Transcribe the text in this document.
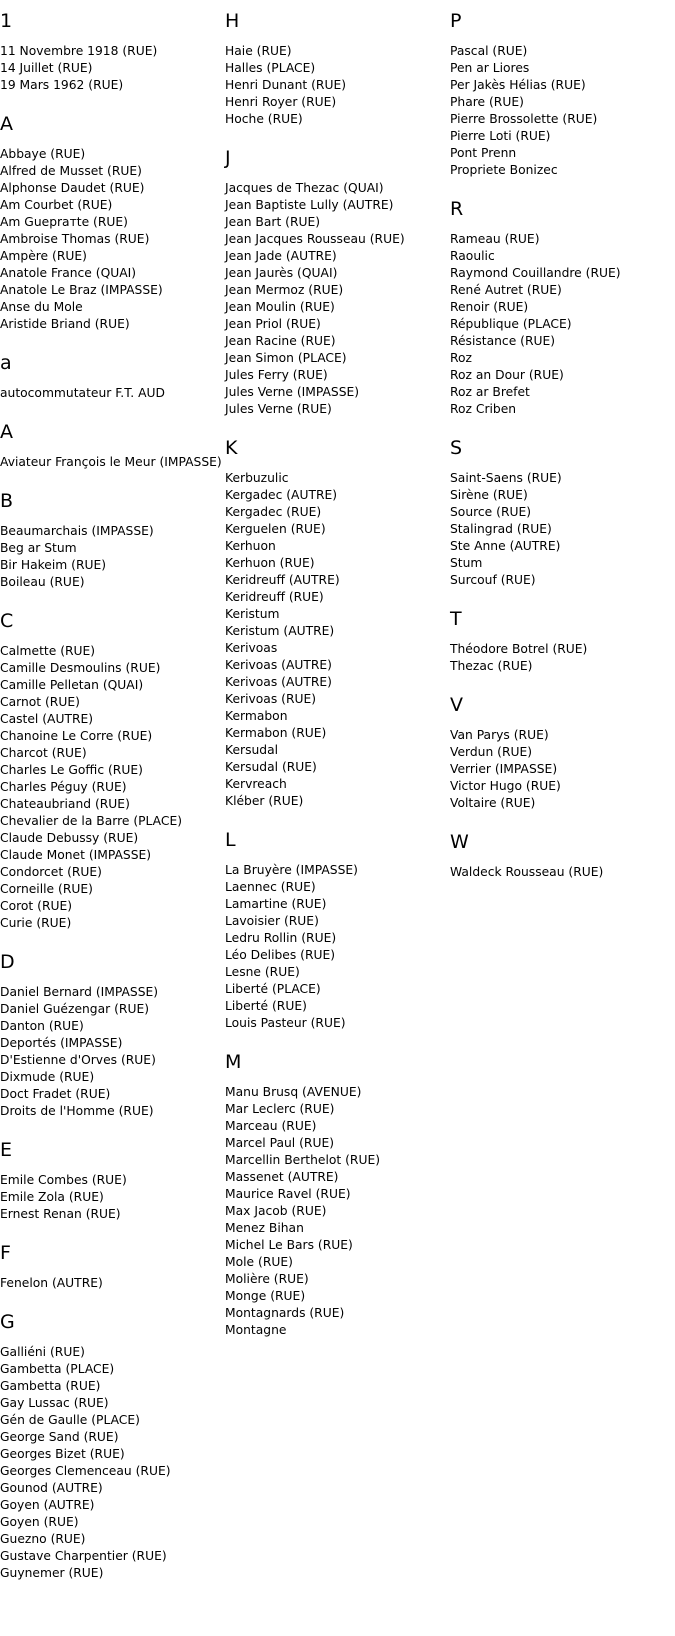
1
11 Novembre 1918 (RUE)
14 Juillet (RUE)
19 Mars 1962 (RUE)
A
Abbaye (RUE)
Alfred de Musset (RUE)
Alphonse Daudet (RUE)
Am Courbet (RUE)
Am Gueprатte (RUE)
Ambroise Thomas (RUE)
Ampère (RUE)
Anatole France (QUAI)
Anatole Le Braz (IMPASSE)
Anse du Mole
Aristide Briand (RUE)
a
autocommutateur F.T. AUD
A
Aviateur François le Meur (IMPASSE)
B
Beaumarchais (IMPASSE)
Beg ar Stum
Bir Hakeim (RUE)
Boileau (RUE)
C
Calmette (RUE)
Camille Desmoulins (RUE)
Camille Pelletan (QUAI)
Carnot (RUE)
Castel (AUTRE)
Chanoine Le Corre (RUE)
Charcot (RUE)
Charles Le Goffic (RUE)
Charles Péguy (RUE)
Chateaubriand (RUE)
Chevalier de la Barre (PLACE)
Claude Debussy (RUE)
Claude Monet (IMPASSE)
Condorcet (RUE)
Corneille (RUE)
Corot (RUE)
Curie (RUE)
D
Daniel Bernard (IMPASSE)
Daniel Guézengar (RUE)
Danton (RUE)
Deportés (IMPASSE)
D'Estienne d'Orves (RUE)
Dixmude (RUE)
Doct Fradet (RUE)
Droits de l'Homme (RUE)
E
Emile Combes (RUE)
Emile Zola (RUE)
Ernest Renan (RUE)
F
Fenelon (AUTRE)
G
Galliéni (RUE)
Gambetta (PLACE)
Gambetta (RUE)
Gay Lussac (RUE)
Gén de Gaulle (PLACE)
George Sand (RUE)
Georges Bizet (RUE)
Georges Clemenceau (RUE)
Gounod (AUTRE)
Goyen (AUTRE)
Goyen (RUE)
Guezno (RUE)
Gustave Charpentier (RUE)
Guynemer (RUE)
H
Haie (RUE)
Halles (PLACE)
Henri Dunant (RUE)
Henri Royer (RUE)
Hoche (RUE)
J
Jacques de Thezac (QUAI)
Jean Baptiste Lully (AUTRE)
Jean Bart (RUE)
Jean Jacques Rousseau (RUE)
Jean Jade (AUTRE)
Jean Jaurès (QUAI)
Jean Mermoz (RUE)
Jean Moulin (RUE)
Jean Priol (RUE)
Jean Racine (RUE)
Jean Simon (PLACE)
Jules Ferry (RUE)
Jules Verne (IMPASSE)
Jules Verne (RUE)
K
Kerbuzulic
Kergadec (AUTRE)
Kergadec (RUE)
Kerguelen (RUE)
Kerhuon
Kerhuon (RUE)
Keridreuff (AUTRE)
Keridreuff (RUE)
Keristum
Keristum (AUTRE)
Kerivoas
Kerivoas (AUTRE)
Kerivoas (AUTRE)
Kerivoas (RUE)
Kermabon
Kermabon (RUE)
Kersudal
Kersudal (RUE)
Kervreach
Kléber (RUE)
L
La Bruyère (IMPASSE)
Laennec (RUE)
Lamartine (RUE)
Lavoisier (RUE)
Ledru Rollin (RUE)
Léo Delibes (RUE)
Lesne (RUE)
Liberté (PLACE)
Liberté (RUE)
Louis Pasteur (RUE)
M
Manu Brusq (AVENUE)
Mar Leclerc (RUE)
Marceau (RUE)
Marcel Paul (RUE)
Marcellin Berthelot (RUE)
Massenet (AUTRE)
Maurice Ravel (RUE)
Max Jacob (RUE)
Menez Bihan
Michel Le Bars (RUE)
Mole (RUE)
Molière (RUE)
Monge (RUE)
Montagnards (RUE)
Montagne
P
Pascal (RUE)
Pen ar Liores
Per Jakès Hélias (RUE)
Phare (RUE)
Pierre Brossolette (RUE)
Pierre Loti (RUE)
Pont Prenn
Propriete Bonizec
R
Rameau (RUE)
Raoulic
Raymond Couillandre (RUE)
René Autret (RUE)
Renoir (RUE)
République (PLACE)
Résistance (RUE)
Roz
Roz an Dour (RUE)
Roz ar Brefet
Roz Criben
S
Saint-Saens (RUE)
Sirène (RUE)
Source (RUE)
Stalingrad (RUE)
Ste Anne (AUTRE)
Stum
Surcouf (RUE)
T
Théodore Botrel (RUE)
Thezac (RUE)
V
Van Parys (RUE)
Verdun (RUE)
Verrier (IMPASSE)
Victor Hugo (RUE)
Voltaire (RUE)
W
Waldeck Rousseau (RUE)
